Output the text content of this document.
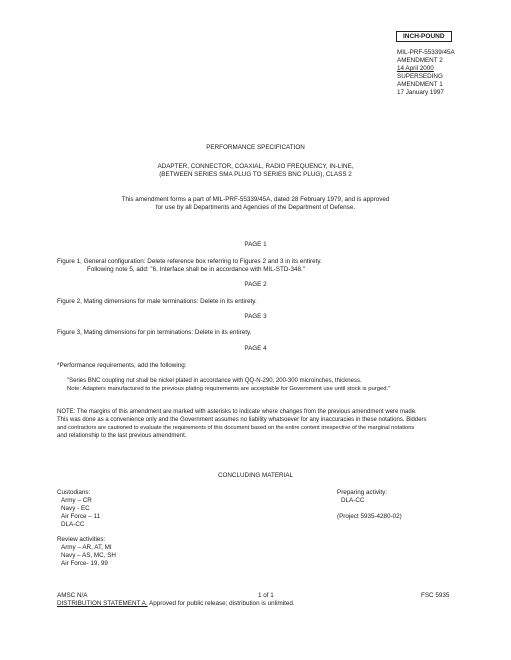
INCH-POUND
MIL-PRF-55339/45A
AMENDMENT 2
14 April 2000
SUPERSEDING
AMENDMENT 1
17 January 1997
PERFORMANCE SPECIFICATION
ADAPTER, CONNECTOR, COAXIAL, RADIO FREQUENCY, IN-LINE,
(BETWEEN SERIES SMA PLUG TO SERIES BNC PLUG), CLASS 2
This amendment forms a part of MIL-PRF-55339/45A, dated 28 February 1979, and is approved
for use by all Departments and Agencies of the Department of Defense.
PAGE 1
Figure 1, General configuration: Delete reference box referring to Figures 2 and 3 in its entirety.
Following note 5, add: "6. Interface shall be in accordance with MIL-STD-348."
PAGE 2
Figure 2, Mating dimensions for male terminations: Delete in its entirety.
PAGE 3
Figure 3, Mating dimensions for pin terminations: Delete in its entirety.
PAGE 4
*Performance requirements, add the following:
"Series BNC coupling nut shall be nickel plated in accordance with QQ-N-290, 200-300 microinches, thickness.
Note: Adapters manufactured to the previous plating requirements are acceptable for Government use until stock is purged."
NOTE: The margins of this amendment are marked with asterisks to indicate where changes from the previous amendment were made.
This was done as a convenience only and the Government assumes no liability whatsoever for any inaccuracies in these notations. Bidders
and contractors are cautioned to evaluate the requirements of this document based on the entire content irrespective of the marginal notations
and relationship to the last previous amendment.
CONCLUDING MATERIAL
Custodians:
Army – CR
Navy - EC
Air Force – 11
DLA-CC
Review activities:
Army – AR, AT, MI
Navy – AS, MC, SH
Air Force- 19, 99
Preparing activity:
DLA-CC
(Project 5935-4280-02)
AMSC N/A	1 of 1	FSC 5935
DISTRIBUTION STATEMENT A. Approved for public release; distribution is unlimited.
